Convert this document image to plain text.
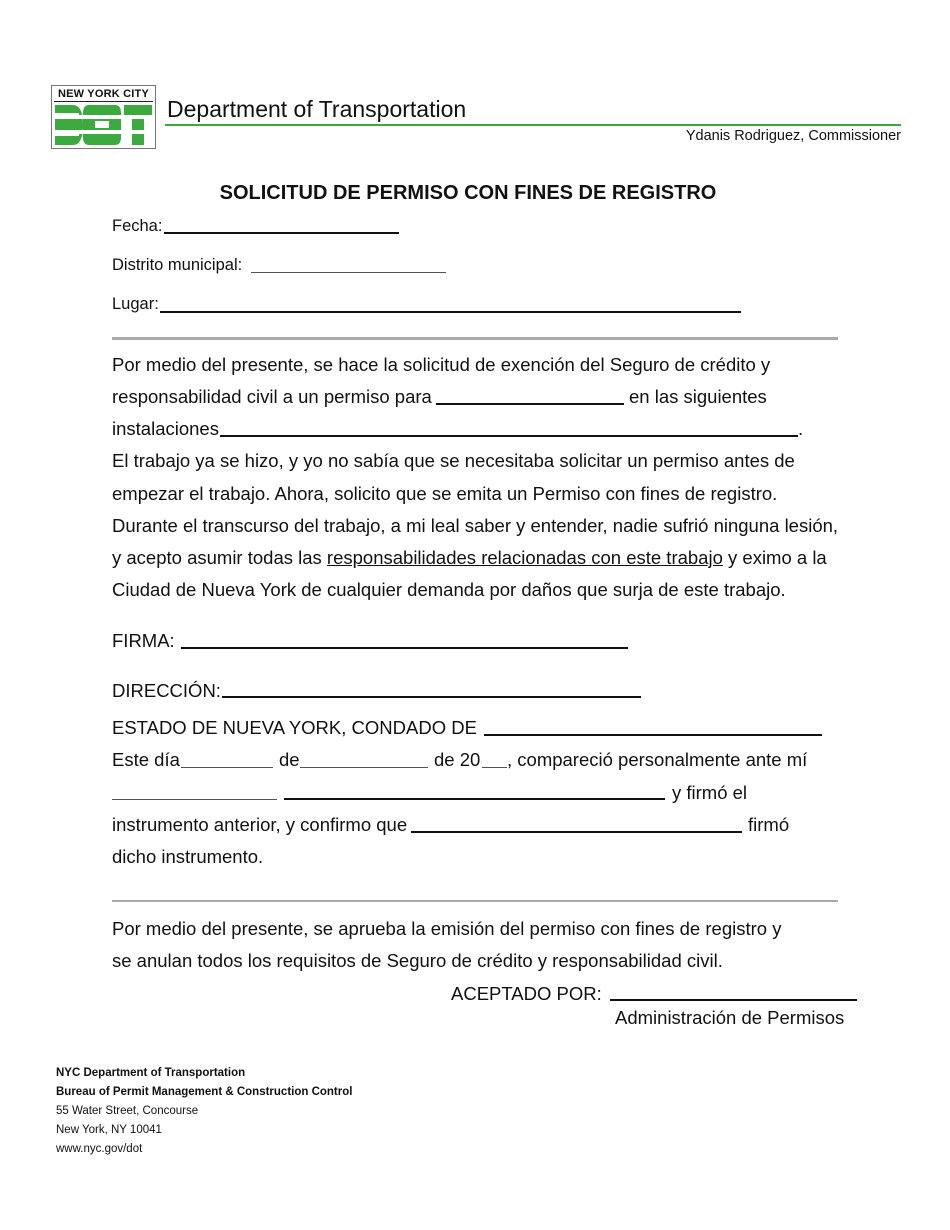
NEW YORK CITY
Department of Transportation
Ydanis Rodriguez, Commissioner
SOLICITUD DE PERMISO CON FINES DE REGISTRO
Fecha:
Distrito municipal:
Lugar:
Por medio del presente, se hace la solicitud de exención del Seguro de crédito y
responsabilidad civil a un permiso para	en las siguientes
instalaciones	.
El trabajo ya se hizo, y yo no sabía que se necesitaba solicitar un permiso antes de
empezar el trabajo. Ahora, solicito que se emita un Permiso con fines de registro.
Durante el transcurso del trabajo, a mi leal saber y entender, nadie sufrió ninguna lesión,
y acepto asumir todas las responsabilidades relacionadas con este trabajo y eximo a la
Ciudad de Nueva York de cualquier demanda por daños que surja de este trabajo.
FIRMA:
DIRECCIÓN:
ESTADO DE NUEVA YORK, CONDADO DE
Este día	de	de 20 , compareció personalmente ante mí
y firmó el
instrumento anterior, y confirmo que	firmó
dicho instrumento.
Por medio del presente, se aprueba la emisión del permiso con fines de registro y
se anulan todos los requisitos de Seguro de crédito y responsabilidad civil.
ACEPTADO POR:
Administración de Permisos
NYC Department of Transportation
Bureau of Permit Management & Construction Control
55 Water Street, Concourse
New York, NY 10041
www.nyc.gov/dot
